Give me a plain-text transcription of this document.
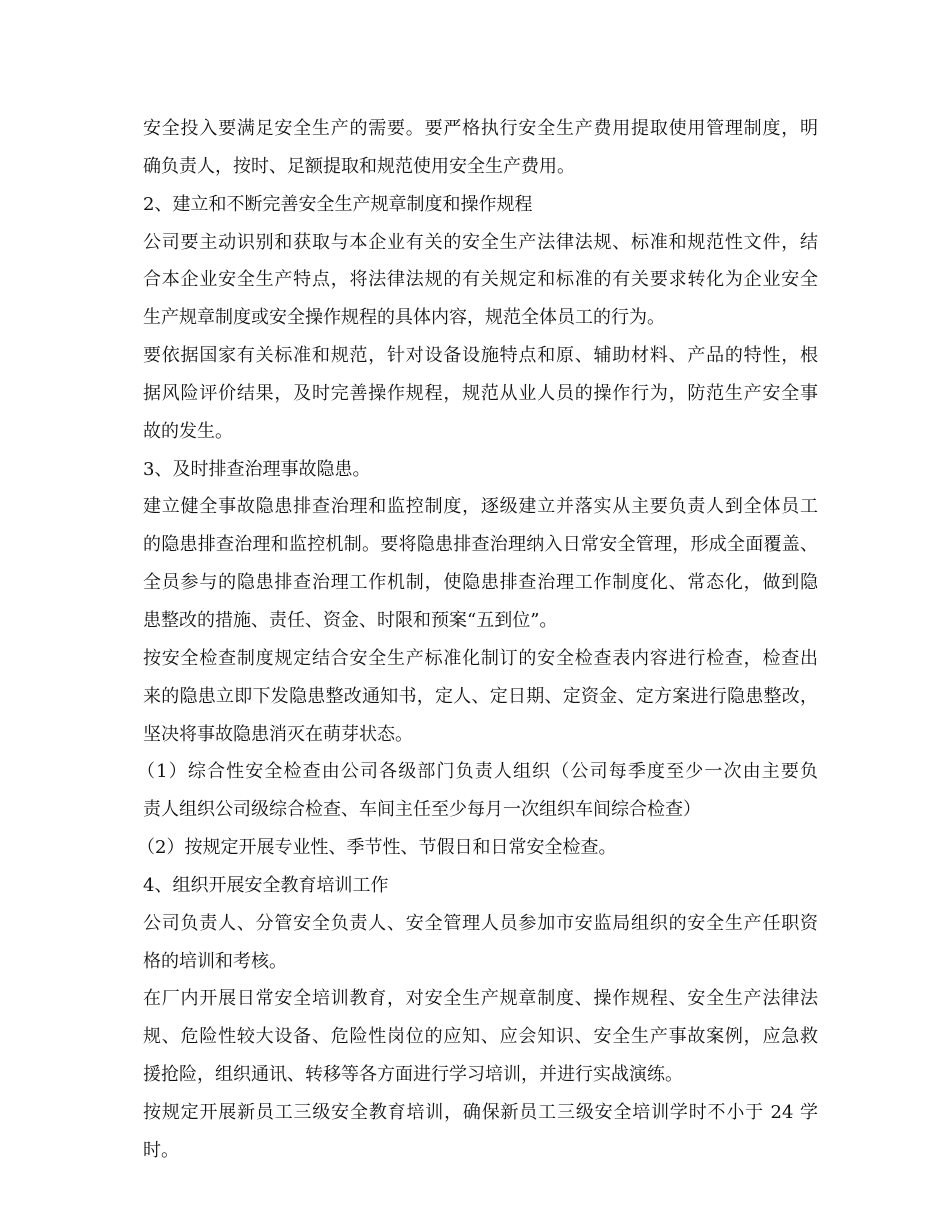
安全投入要满足安全生产的需要。要严格执行安全生产费用提取使用管理制度，明
确负责人，按时、足额提取和规范使用安全生产费用。
2、建立和不断完善安全生产规章制度和操作规程
公司要主动识别和获取与本企业有关的安全生产法律法规、标准和规范性文件，结
合本企业安全生产特点，将法律法规的有关规定和标准的有关要求转化为企业安全
生产规章制度或安全操作规程的具体内容，规范全体员工的行为。
要依据国家有关标准和规范，针对设备设施特点和原、辅助材料、产品的特性，根
据风险评价结果，及时完善操作规程，规范从业人员的操作行为，防范生产安全事
故的发生。
3、及时排查治理事故隐患。
建立健全事故隐患排查治理和监控制度，逐级建立并落实从主要负责人到全体员工
的隐患排查治理和监控机制。要将隐患排查治理纳入日常安全管理，形成全面覆盖、
全员参与的隐患排查治理工作机制，使隐患排查治理工作制度化、常态化，做到隐
患整改的措施、责任、资金、时限和预案“五到位”。
按安全检查制度规定结合安全生产标准化制订的安全检查表内容进行检查，检查出
来的隐患立即下发隐患整改通知书，定人、定日期、定资金、定方案进行隐患整改，
坚决将事故隐患消灭在萌芽状态。
（1）综合性安全检查由公司各级部门负责人组织（公司每季度至少一次由主要负
责人组织公司级综合检查、车间主任至少每月一次组织车间综合检查）
（2）按规定开展专业性、季节性、节假日和日常安全检查。
4、组织开展安全教育培训工作
公司负责人、分管安全负责人、安全管理人员参加市安监局组织的安全生产任职资
格的培训和考核。
在厂内开展日常安全培训教育，对安全生产规章制度、操作规程、安全生产法律法
规、危险性较大设备、危险性岗位的应知、应会知识、安全生产事故案例，应急救
援抢险，组织通讯、转移等各方面进行学习培训，并进行实战演练。
按规定开展新员工三级安全教育培训，确保新员工三级安全培训学时不小于 24 学
时。
